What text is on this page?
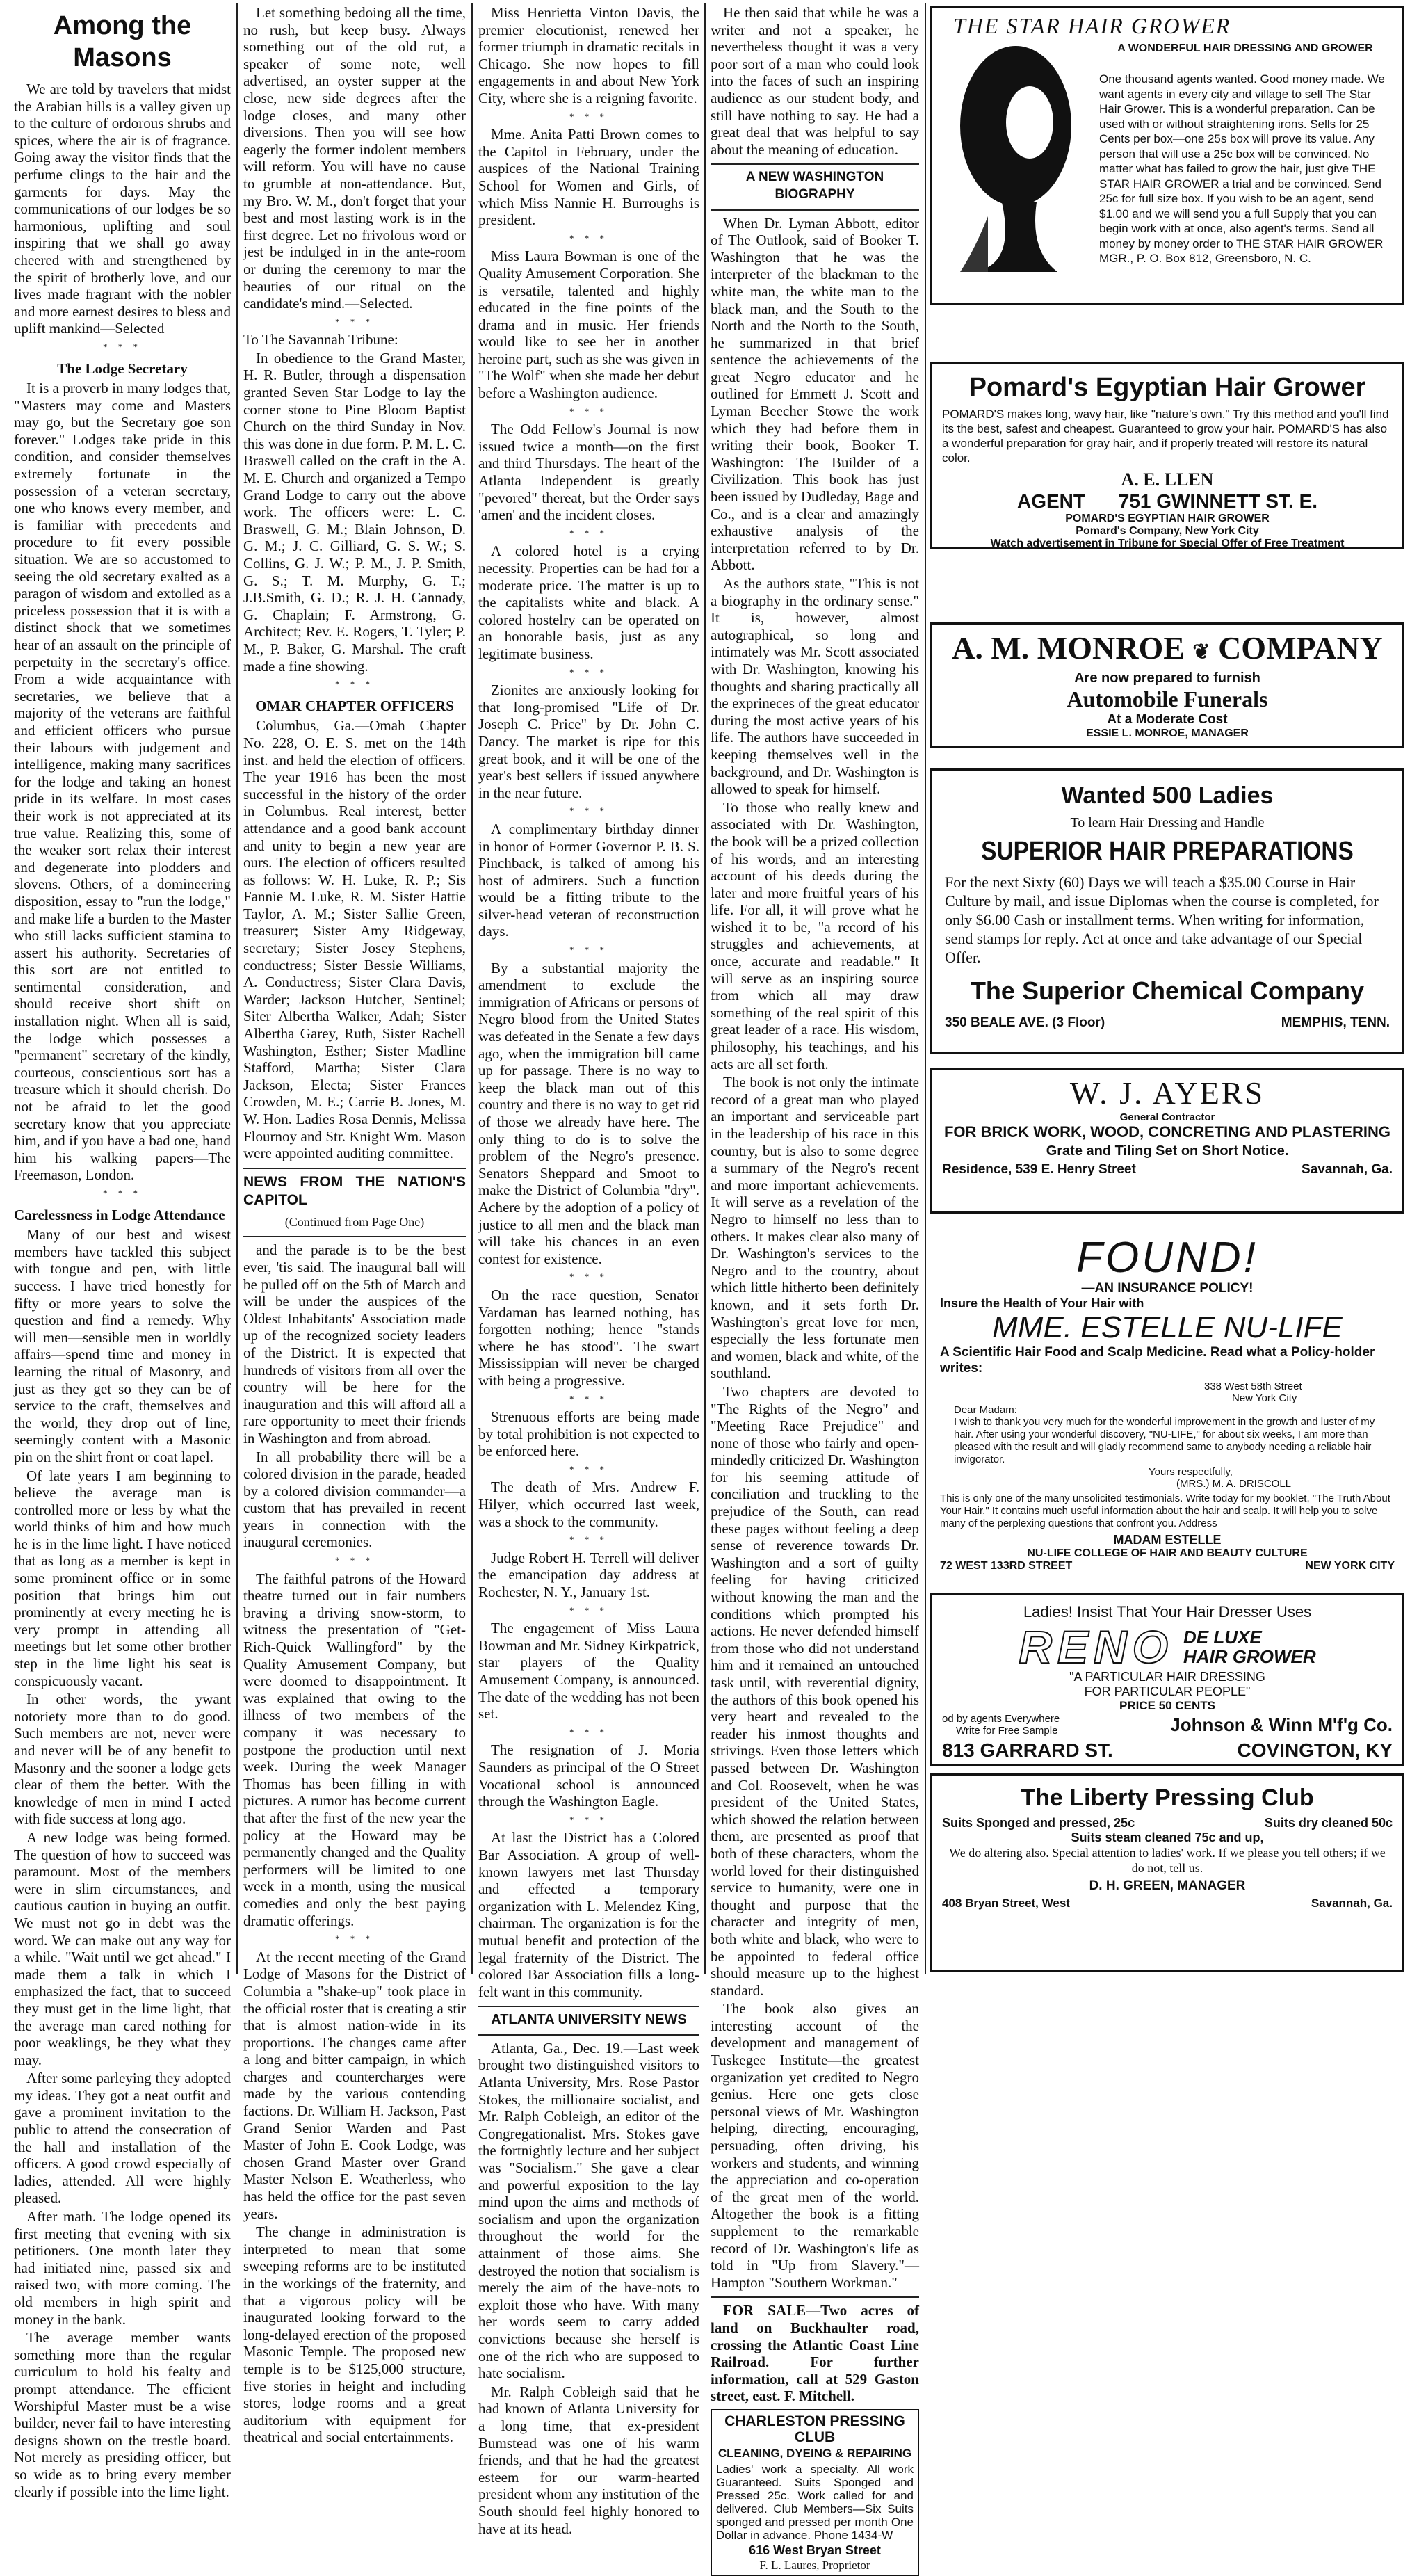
Among the Masons

We are told by travelers that midst the Arabian hills is a valley given up to the culture of ordorous shrubs and spices, where the air is of fragrance. Going away the visitor finds that the perfume clings to the hair and the garments for days. May the communications of our lodges be so harmonious, uplifting and soul inspiring that we shall go away cheered with and strengthened by the spirit of brotherly love, and our lives made fragrant with the nobler and more earnest desires to bless and uplift mankind—Selected

* * *
The Lodge Secretary

It is a proverb in many lodges that, "Masters may come and Masters may go, but the Secretary goe son forever." Lodges take pride in this condition, and consider themselves extremely fortunate in the possession of a veteran secretary, one who knows every member, and is familiar with precedents and procedure to fit every possible situation. We are so accustomed to seeing the old secretary exalted as a paragon of wisdom and extolled as a priceless possession that it is with a distinct shock that we sometimes hear of an assault on the principle of perpetuity in the secretary's office. From a wide acquaintance with secretaries, we believe that a majority of the veterans are faithful and efficient officers who pursue their labours with judgement and intelligence, making many sacrifices for the lodge and taking an honest pride in its welfare. In most cases their work is not appreciated at its true value. Realizing this, some of the weaker sort relax their interest and degenerate into plodders and slovens. Others, of a domineering disposition, essay to "run the lodge," and make life a burden to the Master who still lacks sufficient stamina to assert his authority. Secretaries of this sort are not entitled to sentimental consideration, and should receive short shift on installation night. When all is said, the lodge which possesses a "permanent" secretary of the kindly, courteous, conscientious sort has a treasure which it should cherish. Do not be afraid to let the good secretary know that you appreciate him, and if you have a bad one, hand him his walking papers—The Freemason, London.

* * *
Carelessness in Lodge Attendance

Many of our best and wisest members have tackled this subject with tongue and pen, with little success. I have tried honestly for fifty or more years to solve the question and find a remedy. Why will men—sensible men in worldly affairs—spend time and money in learning the ritual of Masonry, and just as they get so they can be of service to the craft, themselves and the world, they drop out of line, seemingly content with a Masonic pin on the shirt front or coat lapel.

Of late years I am beginning to believe the average man is controlled more or less by what the world thinks of him and how much he is in the lime light. I have noticed that as long as a member is kept in some prominent office or in some position that brings him out prominently at every meeting he is very prompt in attending all meetings but let some other brother step in the lime light his seat is conspicuously vacant.

In other words, the ywant notoriety more than to do good. Such members are not, never were and never will be of any benefit to Masonry and the sooner a lodge gets clear of them the better. With the knowledge of men in mind I acted with fide success at long ago.

A new lodge was being formed. The question of how to succeed was paramount. Most of the members were in slim circumstances, and cautious caution in buying an outfit. We must not go in debt was the word. We can make out any way for a while. "Wait until we get ahead." I made them a talk in which I emphasized the fact, that to succeed they must get in the lime light, that the average man cared nothing for poor weaklings, be they what they may.

After some parleying they adopted my ideas. They got a neat outfit and gave a prominent invitation to the public to attend the consecration of the hall and installation of the officers. A good crowd especially of ladies, attended. All were highly pleased.

After math. The lodge opened its first meeting that evening with six petitioners. One month later they had initiated nine, passed six and raised two, with more coming. The old members in high spirit and money in the bank.

The average member wants something more than the regular curriculum to hold his fealty and prompt attendance. The efficient Worshipful Master must be a wise builder, never fail to have interesting designs shown on the trestle board. Not merely as presiding officer, but so wide as to bring every member clearly if possible into the lime light.

Let something bedoing all the time, no rush, but keep busy. Always something out of the old rut, a speaker of some note, well advertised, an oyster supper at the close, new side degrees after the lodge closes, and many other diversions. Then you will see how eagerly the former indolent members will reform. You will have no cause to grumble at non-attendance. But, my Bro. W. M., don't forget that your best and most lasting work is in the first degree. Let no frivolous word or jest be indulged in in the ante-room or during the ceremony to mar the beauties of our ritual on the candidate's mind.—Selected.

* * *

To The Savannah Tribune:

In obedience to the Grand Master, H. R. Butler, through a dispensation granted Seven Star Lodge to lay the corner stone to Pine Bloom Baptist Church on the third Sunday in Nov. this was done in due form. P. M. L. C. Braswell called on the craft in the A. M. E. Church and organized a Tempo Grand Lodge to carry out the above work. The officers were: L. C. Braswell, G. M.; Blain Johnson, D. G. M.; J. C. Gilliard, G. S. W.; S. Collins, G. J. W.; P. M., J. P. Smith, G. S.; T. M. Murphy, G. T.; J.B.Smith, G. D.; R. J. H. Cannady, G. Chaplain; F. Armstrong, G. Architect; Rev. E. Rogers, T. Tyler; P. M., P. Baker, G. Marshal. The craft made a fine showing.

* * *
OMAR CHAPTER OFFICERS

Columbus, Ga.—Omah Chapter No. 228, O. E. S. met on the 14th inst. and held the election of officers. The year 1916 has been the most successful in the history of the order in Columbus. Real interest, better attendance and a good bank account and unity to begin a new year are ours. The election of officers resulted as follows: W. H. Luke, R. P.; Sis Fannie M. Luke, R. M. Sister Hattie Taylor, A. M.; Sister Sallie Green, treasurer; Sister Amy Ridgeway, secretary; Sister Josey Stephens, conductress; Sister Bessie Williams, A. Conductress; Sister Clara Davis, Warder; Jackson Hutcher, Sentinel; Siter Albertha Walker, Adah; Sister Albertha Garey, Ruth, Sister Rachell Washington, Esther; Sister Madline Stafford, Martha; Sister Clara Jackson, Electa; Sister Frances Crowden, M. E.; Carrie B. Jones, M. W. Hon. Ladies Rosa Dennis, Melissa Flournoy and Str. Knight Wm. Mason were appointed auditing committee.

NEWS FROM THE NATION'S CAPITOL
(Continued from Page One)

and the parade is to be the best ever, 'tis said. The inaugural ball will be pulled off on the 5th of March and will be under the auspices of the Oldest Inhabitants' Association made up of the recognized society leaders of the District. It is expected that hundreds of visitors from all over the country will be here for the inauguration and this will afford all a rare opportunity to meet their friends in Washington and from abroad.

In all probability there will be a colored division in the parade, headed by a colored division commander—a custom that has prevailed in recent years in connection with the inaugural ceremonies.

* * *

The faithful patrons of the Howard theatre turned out in fair numbers braving a driving snow-storm, to witness the presentation of "Get-Rich-Quick Wallingford" by the Quality Amusement Company, but were doomed to disappointment. It was explained that owing to the illness of two members of the company it was necessary to postpone the production until next week. During the week Manager Thomas has been filling in with pictures. A rumor has become current that after the first of the new year the policy at the Howard may be permanently changed and the Quality performers will be limited to one week in a month, using the musical comedies and only the best paying dramatic offerings.

* * *

At the recent meeting of the Grand Lodge of Masons for the District of Columbia a "shake-up" took place in the official roster that is creating a stir that is almost nation-wide in its proportions. The changes came after a long and bitter campaign, in which charges and countercharges were made by the various contending factions. Dr. William H. Jackson, Past Grand Senior Warden and Past Master of John E. Cook Lodge, was chosen Grand Master over Grand Master Nelson E. Weatherless, who has held the office for the past seven years.

The change in administration is interpreted to mean that some sweeping reforms are to be instituted in the workings of the fraternity, and that a vigorous policy will be inaugurated looking forward to the long-delayed erection of the proposed Masonic Temple. The proposed new temple is to be $125,000 structure, five stories in height and including stores, lodge rooms and a great auditorium with equipment for theatrical and social entertainments.

Miss Henrietta Vinton Davis, the premier elocutionist, renewed her former triumph in dramatic recitals in Chicago. She now hopes to fill engagements in and about New York City, where she is a reigning favorite.

* * *

Mme. Anita Patti Brown comes to the Capitol in February, under the auspices of the National Training School for Women and Girls, of which Miss Nannie H. Burroughs is president.

* * *

Miss Laura Bowman is one of the Quality Amusement Corporation. She is versatile, talented and highly educated in the fine points of the drama and in music. Her friends would like to see her in another heroine part, such as she was given in "The Wolf" when she made her debut before a Washington audience.

* * *

The Odd Fellow's Journal is now issued twice a month—on the first and third Thursdays. The heart of the Atlanta Independent is greatly "pevored" thereat, but the Order says 'amen' and the incident closes.

* * *

A colored hotel is a crying necessity. Properties can be had for a moderate price. The matter is up to the capitalists white and black. A colored hostelry can be operated on an honorable basis, just as any legitimate business.

* * *

Zionites are anxiously looking for that long-promised "Life of Dr. Joseph C. Price" by Dr. John C. Dancy. The market is ripe for this great book, and it will be one of the year's best sellers if issued anywhere in the near future.

* * *

A complimentary birthday dinner in honor of Former Governor P. B. S. Pinchback, is talked of among his host of admirers. Such a function would be a fitting tribute to the silver-head veteran of reconstruction days.

* * *

By a substantial majority the amendment to exclude the immigration of Africans or persons of Negro blood from the United States was defeated in the Senate a few days ago, when the immigration bill came up for passage. There is no way to keep the black man out of this country and there is no way to get rid of those we already have here. The only thing to do is to solve the problem of the Negro's presence. Senators Sheppard and Smoot to make the District of Columbia "dry". Achere by the adoption of a policy of justice to all men and the black man will take his chances in an even contest for existence.

* * *

On the race question, Senator Vardaman has learned nothing, has forgotten nothing; hence "stands where he has stood". The swart Mississippian will never be charged with being a progressive.

* * *

Strenuous efforts are being made by total prohibition is not expected to be enforced here.

* * *

The death of Mrs. Andrew F. Hilyer, which occurred last week, was a shock to the community.

* * *

Judge Robert H. Terrell will deliver the emancipation day address at Rochester, N. Y., January 1st.

* * *

The engagement of Miss Laura Bowman and Mr. Sidney Kirkpatrick, star players of the Quality Amusement Company, is announced. The date of the wedding has not been set.

* * *

The resignation of J. Moria Saunders as principal of the O Street Vocational school is announced through the Washington Eagle.

* * *

At last the District has a Colored Bar Association. A group of well-known lawyers met last Thursday and effected a temporary organization with L. Melendez King, chairman. The organization is for the mutual benefit and protection of the legal fraternity of the District. The colored Bar Association fills a long-felt want in this community.

ATLANTA UNIVERSITY NEWS

Atlanta, Ga., Dec. 19.—Last week brought two distinguished visitors to Atlanta University, Mrs. Rose Pastor Stokes, the millionaire socialist, and Mr. Ralph Cobleigh, an editor of the Congregationalist. Mrs. Stokes gave the fortnightly lecture and her subject was "Socialism." She gave a clear and powerful exposition to the lay mind upon the aims and methods of socialism and upon the organization throughout the world for the attainment of those aims. She destroyed the notion that socialism is merely the aim of the have-nots to exploit those who have. With many her words seem to carry added convictions because she herself is one of the rich who are supposed to hate socialism.

Mr. Ralph Cobleigh said that he had known of Atlanta University for a long time, that ex-president Bumstead was one of his warm friends, and that he had the greatest esteem for our warm-hearted president whom any institution of the South should feel highly honored to have at its head.

He then said that while he was a writer and not a speaker, he nevertheless thought it was a very poor sort of a man who could look into the faces of such an inspiring audience as our student body, and still have nothing to say. He had a great deal that was helpful to say about the meaning of education.

A NEW WASHINGTON BIOGRAPHY

When Dr. Lyman Abbott, editor of The Outlook, said of Booker T. Washington that he was the interpreter of the blackman to the white man, the white man to the black man, and the South to the North and the North to the South, he summarized in that brief sentence the achievements of the great Negro educator and he outlined for Emmett J. Scott and Lyman Beecher Stowe the work which they had before them in writing their book, Booker T. Washington: The Builder of a Civilization. This book has just been issued by Dudleday, Bage and Co., and is a clear and amazingly exhaustive analysis of the interpretation referred to by Dr. Abbott.

As the authors state, "This is not a biography in the ordinary sense." It is, however, almost autographical, so long and intimately was Mr. Scott associated with Dr. Washington, knowing his thoughts and sharing practically all the exprineces of the great educator during the most active years of his life. The authors have succeeded in keeping themselves well in the background, and Dr. Washington is allowed to speak for himself.

To those who really knew and associated with Dr. Washington, the book will be a prized collection of his words, and an interesting account of his deeds during the later and more fruitful years of his life. For all, it will prove what he wished it to be, "a record of his struggles and achievements, at once, accurate and readable." It will serve as an inspiring source from which all may draw something of the real spirit of this great leader of a race. His wisdom, philosophy, his teachings, and his acts are all set forth.

The book is not only the intimate record of a great man who played an important and serviceable part in the leadership of his race in this country, but is also to some degree a summary of the Negro's recent and more important achievements. It will serve as a revelation of the Negro to himself no less than to others. It makes clear also many of Dr. Washington's services to the Negro and to the country, about which little hitherto been definitely known, and it sets forth Dr. Washington's great love for men, especially the less fortunate men and women, black and white, of the southland.

Two chapters are devoted to "The Rights of the Negro" and "Meeting Race Prejudice" and none of those who fairly and open-mindedly criticized Dr. Washington for his seeming attitude of conciliation and truckling to the prejudice of the South, can read these pages without feeling a deep sense of reverence towards Dr. Washington and a sort of guilty feeling for having criticized without knowing the man and the conditions which prompted his actions. He never defended himself from those who did not understand him and it remained an untouched task until, with reverential dignity, the authors of this book opened his very heart and revealed to the reader his inmost thoughts and strivings. Even those letters which passed between Dr. Washington and Col. Roosevelt, when he was president of the United States, which showed the relation between them, are presented as proof that both of these characters, whom the world loved for their distinguished service to humanity, were one in thought and purpose that the character and integrity of men, both white and black, who were to be appointed to federal office should measure up to the highest standard.

The book also gives an interesting account of the development and management of Tuskegee Institute—the greatest organization yet credited to Negro genius. Here one gets close personal views of Mr. Washington helping, directing, encouraging, persuading, often driving, his workers and students, and winning the appreciation and co-operation of the great men of the world. Altogether the book is a fitting supplement to the remarkable record of Dr. Washington's life as told in "Up from Slavery."—Hampton "Southern Workman."

FOR SALE—Two acres of land on Buckhaulter road, crossing the Atlantic Coast Line Railroad. For further information, call at 529 Gaston street, east. F. Mitchell.

CHARLESTON PRESSING CLUB
CLEANING, DYEING & REPAIRING
Ladies' work a specialty. All work Guaranteed. Suits Sponged and Pressed 25c. Work called for and delivered. Club Members—Six Suits sponged and pressed per month One Dollar in advance. Phone 1434-W
616 West Bryan Street
F. L. Laures, Proprietor
THE STAR HAIR GROWER
A WONDERFUL HAIR DRESSING AND GROWER
One thousand agents wanted. Good money made. We want agents in every city and village to sell The Star Hair Grower. This is a wonderful preparation. Can be used with or without straightening irons. Sells for 25 Cents per box—one 25s box will prove its value. Any person that will use a 25c box will be convinced. No matter what has failed to grow the hair, just give THE STAR HAIR GROWER a trial and be convinced. Send 25c for full size box. If you wish to be an agent, send $1.00 and we will send you a full Supply that you can begin work with at once, also agent's terms. Send all money by money order to THE STAR HAIR GROWER MGR., P. O. Box 812, Greensboro, N. C.
Pomard's Egyptian Hair Grower
POMARD'S makes long, wavy hair, like "nature's own." Try this method and you'll find its the best, safest and cheapest. Guaranteed to grow your hair. POMARD'S has also a wonderful preparation for gray hair, and if properly treated will restore its natural color.
A. E. LLEN
AGENT 751 GWINNETT ST. E.
POMARD'S EGYPTIAN HAIR GROWER
Pomard's Company, New York City
Watch advertisement in Tribune for Special Offer of Free Treatment
A. M. MONROE ❦ COMPANY
Are now prepared to furnish
Automobile Funerals
At a Moderate Cost
ESSIE L. MONROE, MANAGER
Wanted 500 Ladies
To learn Hair Dressing and Handle
SUPERIOR HAIR PREPARATIONS
For the next Sixty (60) Days we will teach a $35.00 Course in Hair Culture by mail, and issue Diplomas when the course is completed, for only $6.00 Cash or installment terms. When writing for information, send stamps for reply. Act at once and take advantage of our Special Offer.
The Superior Chemical Company
350 BEALE AVE. (3 Floor)	MEMPHIS, TENN.
W. J. AYERS
General Contractor
FOR BRICK WORK, WOOD, CONCRETING AND PLASTERING
Grate and Tiling Set on Short Notice.
Residence, 539 E. Henry Street	Savannah, Ga.
FOUND!
—AN INSURANCE POLICY!
Insure the Health of Your Hair with
MME. ESTELLE NU-LIFE
A Scientific Hair Food and Scalp Medicine. Read what a Policy-holder writes:
338 West 58th Street
New York City
Dear Madam:
I wish to thank you very much for the wonderful improvement in the growth and luster of my hair. After using your wonderful discovery, "NU-LIFE," for about six weeks, I am more than pleased with the result and will gladly recommend same to anybody needing a reliable hair invigorator.
Yours respectfully,
(MRS.) M. A. DRISCOLL
This is only one of the many unsolicited testimonials. Write today for my booklet, "The Truth About Your Hair." It contains much useful information about the hair and scalp. It will help you to solve many of the perplexing questions that confront you. Address
MADAM ESTELLE
NU-LIFE COLLEGE OF HAIR AND BEAUTY CULTURE
72 WEST 133RD STREET	NEW YORK CITY
Ladies! Insist That Your Hair Dresser Uses
RENO DE LUXE
HAIR GROWER
"A PARTICULAR HAIR DRESSING
FOR PARTICULAR PEOPLE"
PRICE 50 CENTS
od by agents Everywhere
Write for Free Sample	Johnson & Winn M'f'g Co.
813 GARRARD ST.	COVINGTON, KY
The Liberty Pressing Club
Suits Sponged and pressed, 25c	Suits dry cleaned 50c
Suits steam cleaned 75c and up,
We do altering also. Special attention to ladies' work. If we please you tell others; if we do not, tell us.
D. H. GREEN, MANAGER
408 Bryan Street, West	Savannah, Ga.
